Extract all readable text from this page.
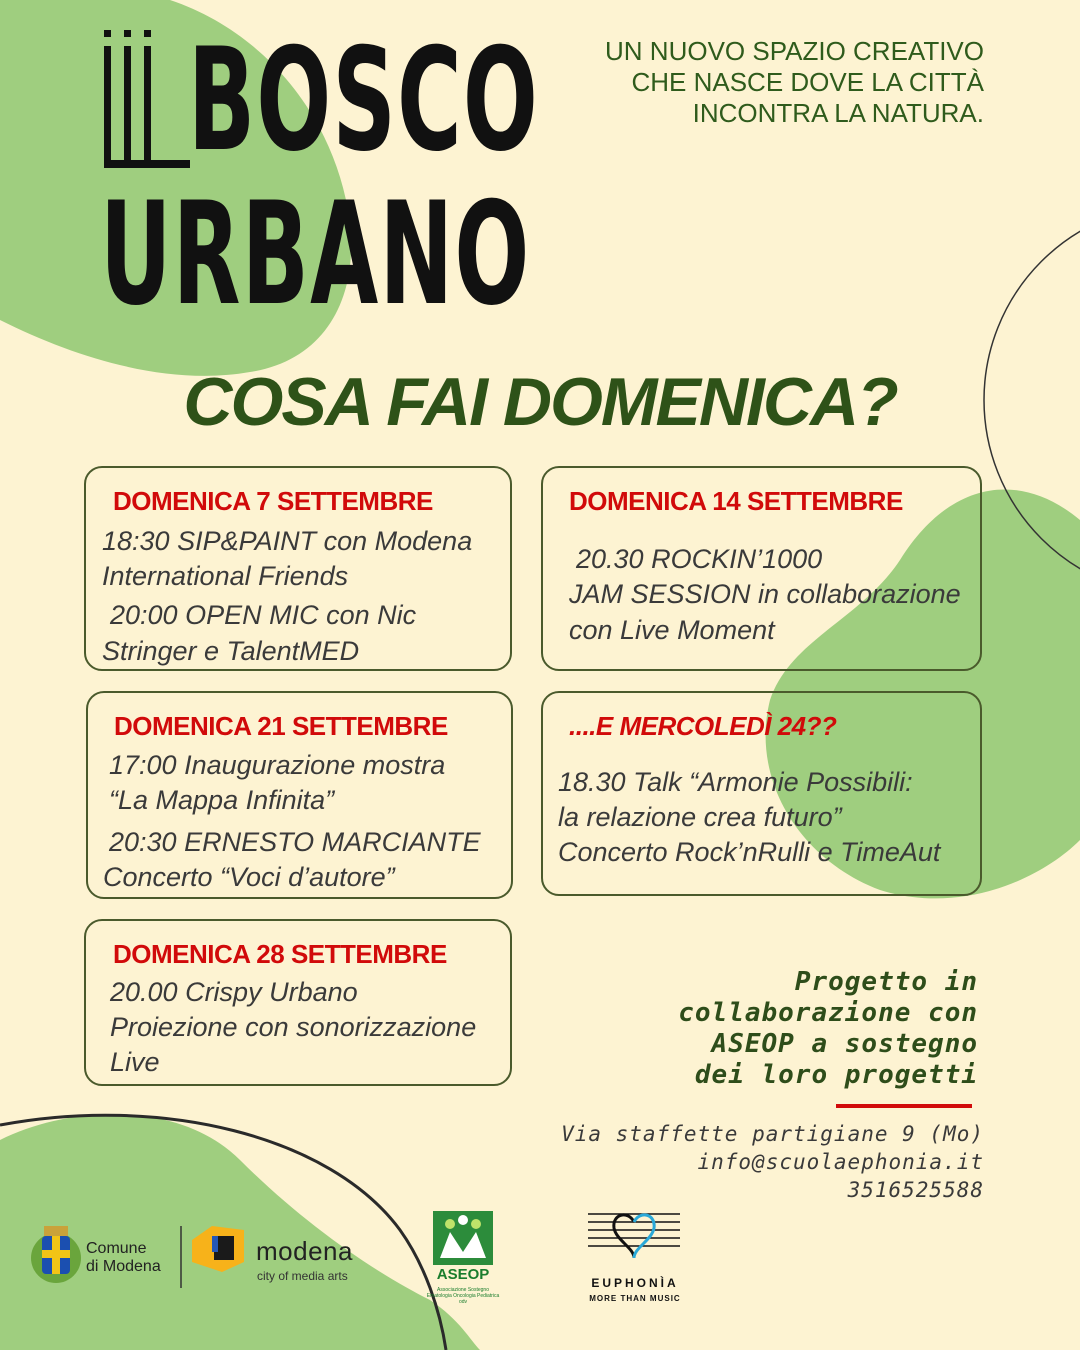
BOSCO
URBANO
UN NUOVO SPAZIO CREATIVO
CHE NASCE DOVE LA CITTÀ
INCONTRA LA NATURA.
COSA FAI DOMENICA?
DOMENICA 7 SETTEMBRE
18:30 SIP&PAINT con Modena
International Friends
20:00 OPEN MIC con Nic
Stringer e TalentMED
DOMENICA 14 SETTEMBRE
20.30 ROCKIN’1000
JAM SESSION in collaborazione
con Live Moment
DOMENICA 21 SETTEMBRE
17:00 Inaugurazione mostra
“La Mappa Infinita”
20:30 ERNESTO MARCIANTE
Concerto “Voci d’autore”
....E MERCOLEDÌ 24??
18.30 Talk “Armonie Possibili:
la relazione crea futuro”
Concerto Rock’nRulli e TimeAut
DOMENICA 28 SETTEMBRE
20.00 Crispy Urbano
Proiezione con sonorizzazione
Live
Progetto in
collaborazione con
ASEOP a sostegno
dei loro progetti
Via staffette partigiane 9 (Mo)
info@scuolaephonia.it
3516525588
Comune
di Modena
modena
city of media arts	ASEOP
Associazione Sostegno
Ematologia Oncologia Pediatrica
odv
EUPHONÌA
MORE THAN MUSIC
